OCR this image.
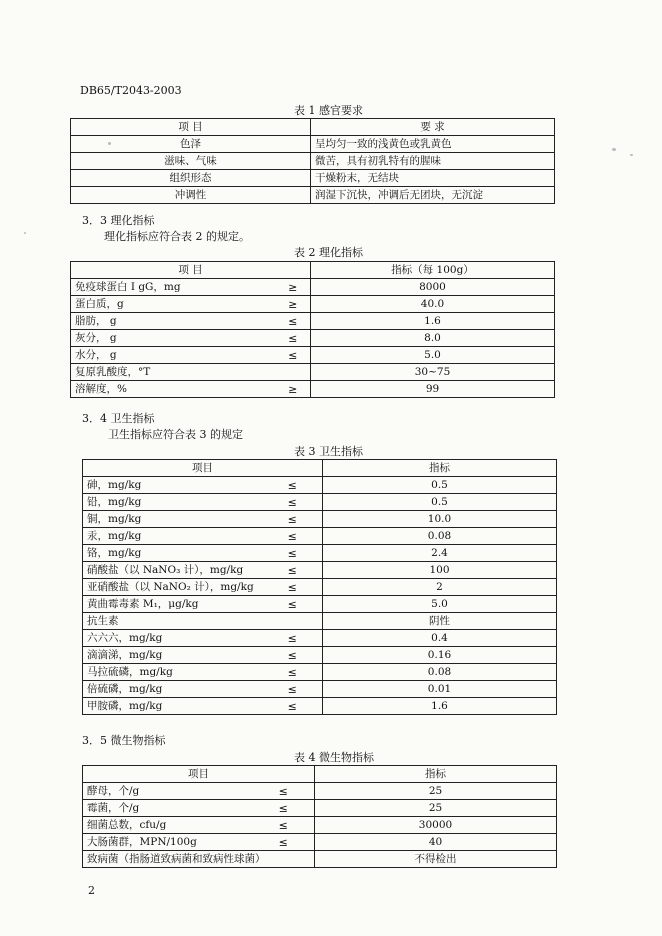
DB65/T2043-2003
表 1 感官要求
项 目	要 求
色泽	呈均匀一致的浅黄色或乳黄色
滋味、气味	微苦，具有初乳特有的腥味
组织形态	干燥粉末，无结块
冲调性	润湿下沉快，冲调后无团块，无沉淀
3．3 理化指标
理化指标应符合表 2 的规定。
表 2 理化指标
项 目		指标（每 100g）
免疫球蛋白 I gG，mg	≥	8000
蛋白质，g	≥	40.0
脂肪， g	≤	1.6
灰分， g	≤	8.0
水分， g	≤	5.0
复原乳酸度，°T		30~75
溶解度，%	≥	99
3．4 卫生指标
卫生指标应符合表 3 的规定
表 3 卫生指标
项目		指标
砷，mg/kg	≤	0.5
铅，mg/kg	≤	0.5
铜，mg/kg	≤	10.0
汞，mg/kg	≤	0.08
铬，mg/kg	≤	2.4
硝酸盐（以 NaNO₃ 计），mg/kg	≤	100
亚硝酸盐（以 NaNO₂ 计），mg/kg	≤	2
黄曲霉毒素 M₁，μg/kg	≤	5.0
抗生素		阴性
六六六，mg/kg	≤	0.4
滴滴涕，mg/kg	≤	0.16
马拉硫磷，mg/kg	≤	0.08
倍硫磷，mg/kg	≤	0.01
甲胺磷，mg/kg	≤	1.6
3．5 微生物指标
表 4 微生物指标
项目		指标
酵母，个/g	≤	25
霉菌，个/g	≤	25
细菌总数，cfu/g	≤	30000
大肠菌群，MPN/100g	≤	40
致病菌（指肠道致病菌和致病性球菌）		不得检出
2
